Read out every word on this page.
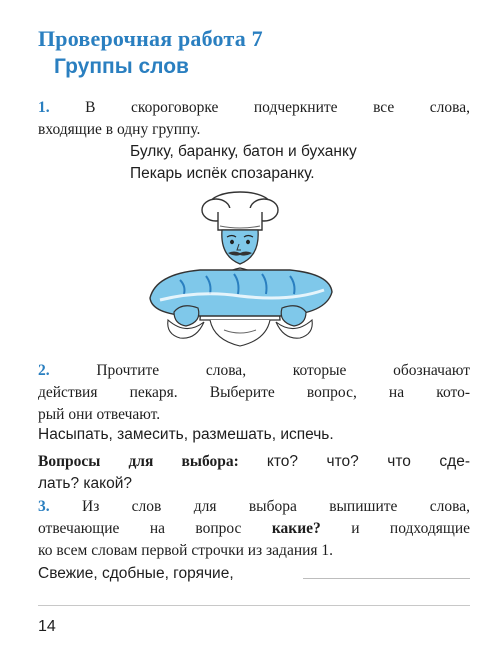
Проверочная работа 7
Группы слов
1. В скороговорке подчеркните все слова,
входящие в одну группу.
Булку, баранку, батон и буханку
Пекарь испёк спозаранку.
2.	Прочтите слова, которые обозначают
действия пекаря. Выберите вопрос, на кото-
рый они отвечают.
Насыпать, замесить, размешать, испечь.
Вопросы для выбора: кто? что? что сде-
лать? какой?
3. Из слов для выбора выпишите слова,
отвечающие на вопрос какие? и подходящие
ко всем словам первой строчки из задания 1.
Свежие, сдобные, горячие,
14
